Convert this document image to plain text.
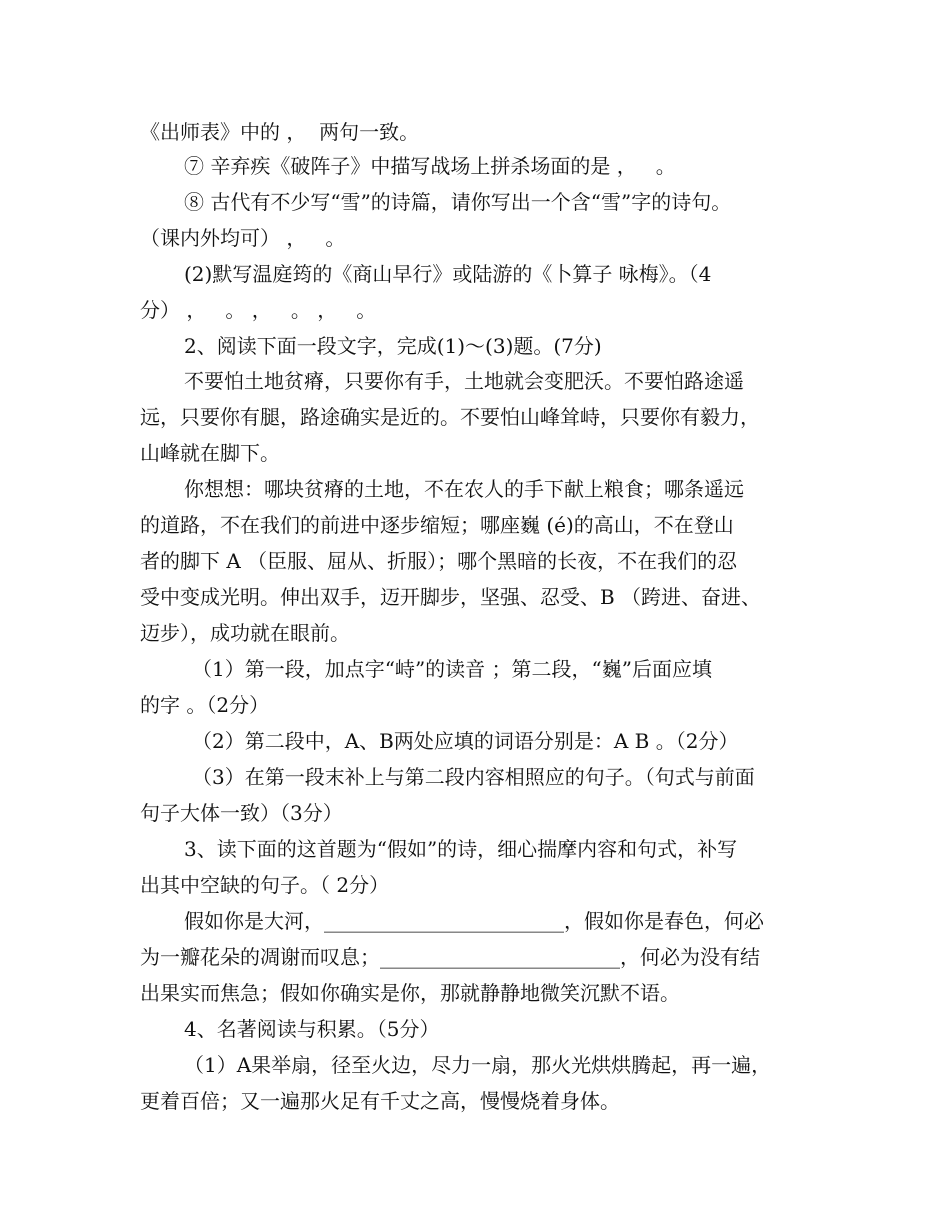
《出师表》中的 ，  两句一致。
⑦ 辛弃疾《破阵子》中描写战场上拼杀场面的是 ，   。
⑧ 古代有不少写“雪”的诗篇，请你写出一个含“雪”字的诗句。
（课内外均可） ，   。
(2)默写温庭筠的《商山早行》或陆游的《卜算子 咏梅》。（4
分） ，   。 ，   。 ，   。
2、阅读下面一段文字，完成(1)～(3)题。(7分)
不要怕土地贫瘠，只要你有手，土地就会变肥沃。不要怕路途遥
远，只要你有腿，路途确实是近的。不要怕山峰耸峙，只要你有毅力，
山峰就在脚下。
你想想：哪块贫瘠的土地，不在农人的手下献上粮食；哪条遥远
的道路，不在我们的前进中逐步缩短；哪座巍 (é)的高山，不在登山
者的脚下 A （臣服、屈从、折服）；哪个黑暗的长夜，不在我们的忍
受中变成光明。伸出双手，迈开脚步，坚强、忍受、B （跨进、奋进、
迈步），成功就在眼前。
（1）第一段，加点字“峙”的读音 ；第二段，“巍”后面应填
的字 。（2分）
（2）第二段中，A、B两处应填的词语分别是：A B 。（2分）
（3）在第一段末补上与第二段内容相照应的句子。（句式与前面
句子大体一致）（3分）
3、读下面的这首题为“假如”的诗，细心揣摩内容和句式，补写
出其中空缺的句子。（ 2分）
假如你是大河，________________________，假如你是春色，何必
为一瓣花朵的凋谢而叹息；________________________，何必为没有结
出果实而焦急；假如你确实是你，那就静静地微笑沉默不语。
4、名著阅读与积累。（5分）
（1）A果举扇，径至火边，尽力一扇，那火光烘烘腾起，再一遍，
更着百倍；又一遍那火足有千丈之高，慢慢烧着身体。
